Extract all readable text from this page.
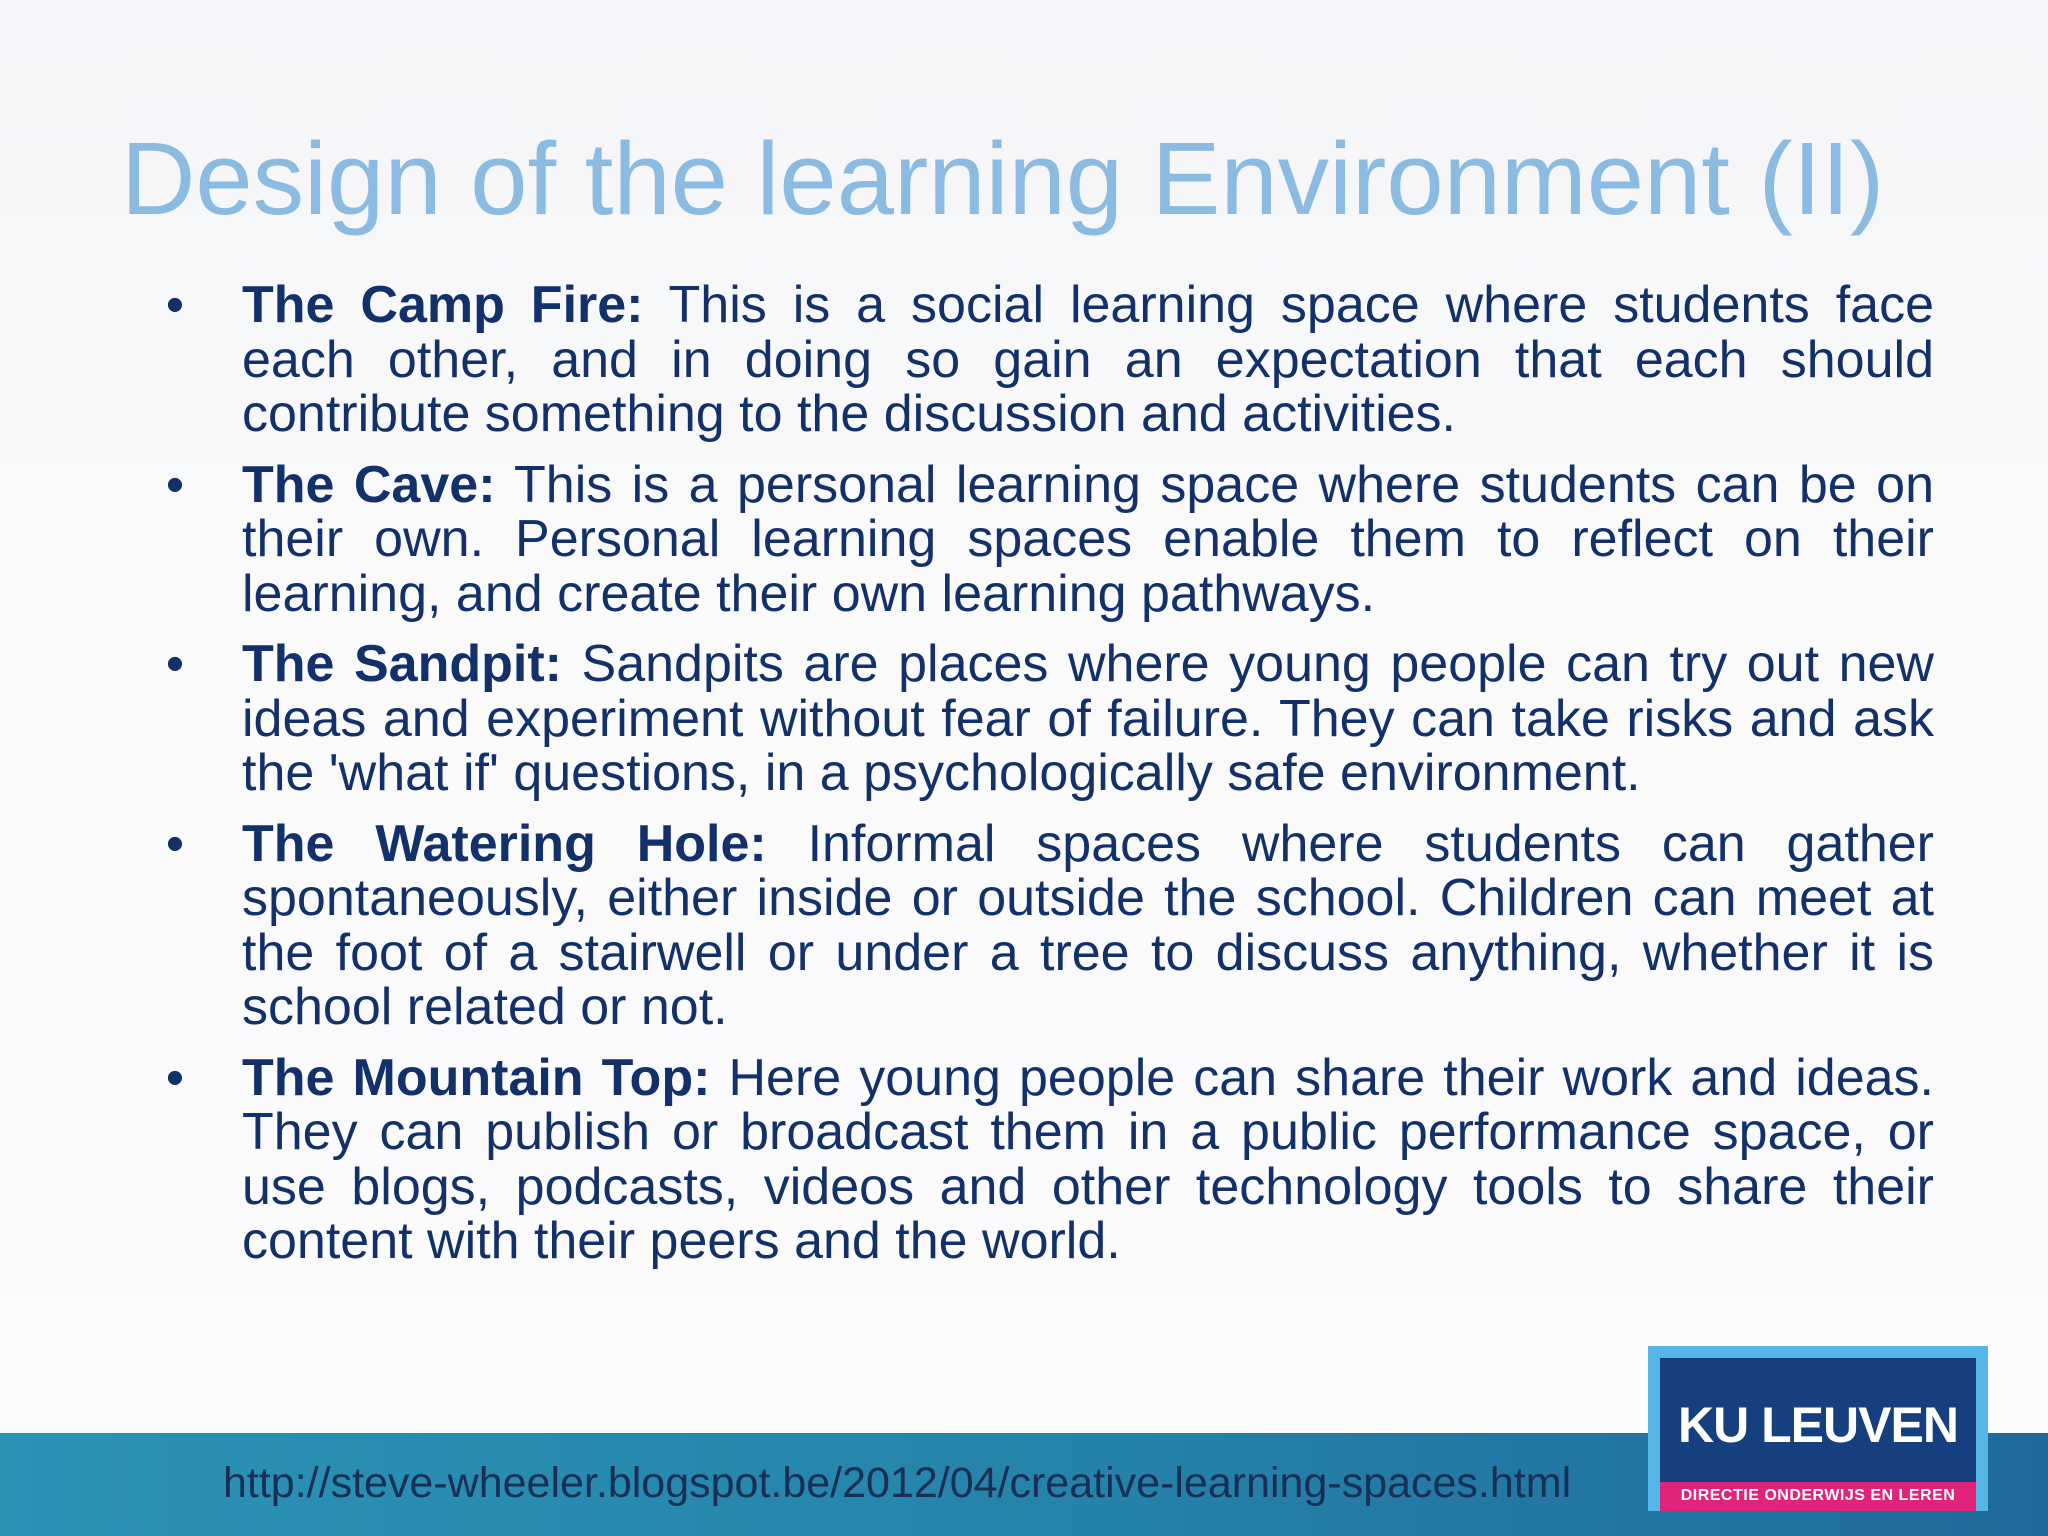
Design of the learning Environment (II)
• The Camp Fire: This is a social learning space where students face each other, and in doing so gain an expectation that each should contribute something to the discussion and activities.
• The Cave: This is a personal learning space where students can be on their own. Personal learning spaces enable them to reflect on their learning, and create their own learning pathways.
• The Sandpit: Sandpits are places where young people can try out new ideas and experiment without fear of failure. They can take risks and ask the 'what if' questions, in a psychologically safe environment.
• The Watering Hole: Informal spaces where students can gather spontaneously, either inside or outside the school. Children can meet at the foot of a stairwell or under a tree to discuss anything, whether it is school related or not.
• The Mountain Top: Here young people can share their work and ideas. They can publish or broadcast them in a public performance space, or use blogs, podcasts, videos and other technology tools to share their content with their peers and the world.
http://steve-wheeler.blogspot.be/2012/04/creative-learning-spaces.html
KU LEUVEN
DIRECTIE ONDERWIJS EN LEREN
